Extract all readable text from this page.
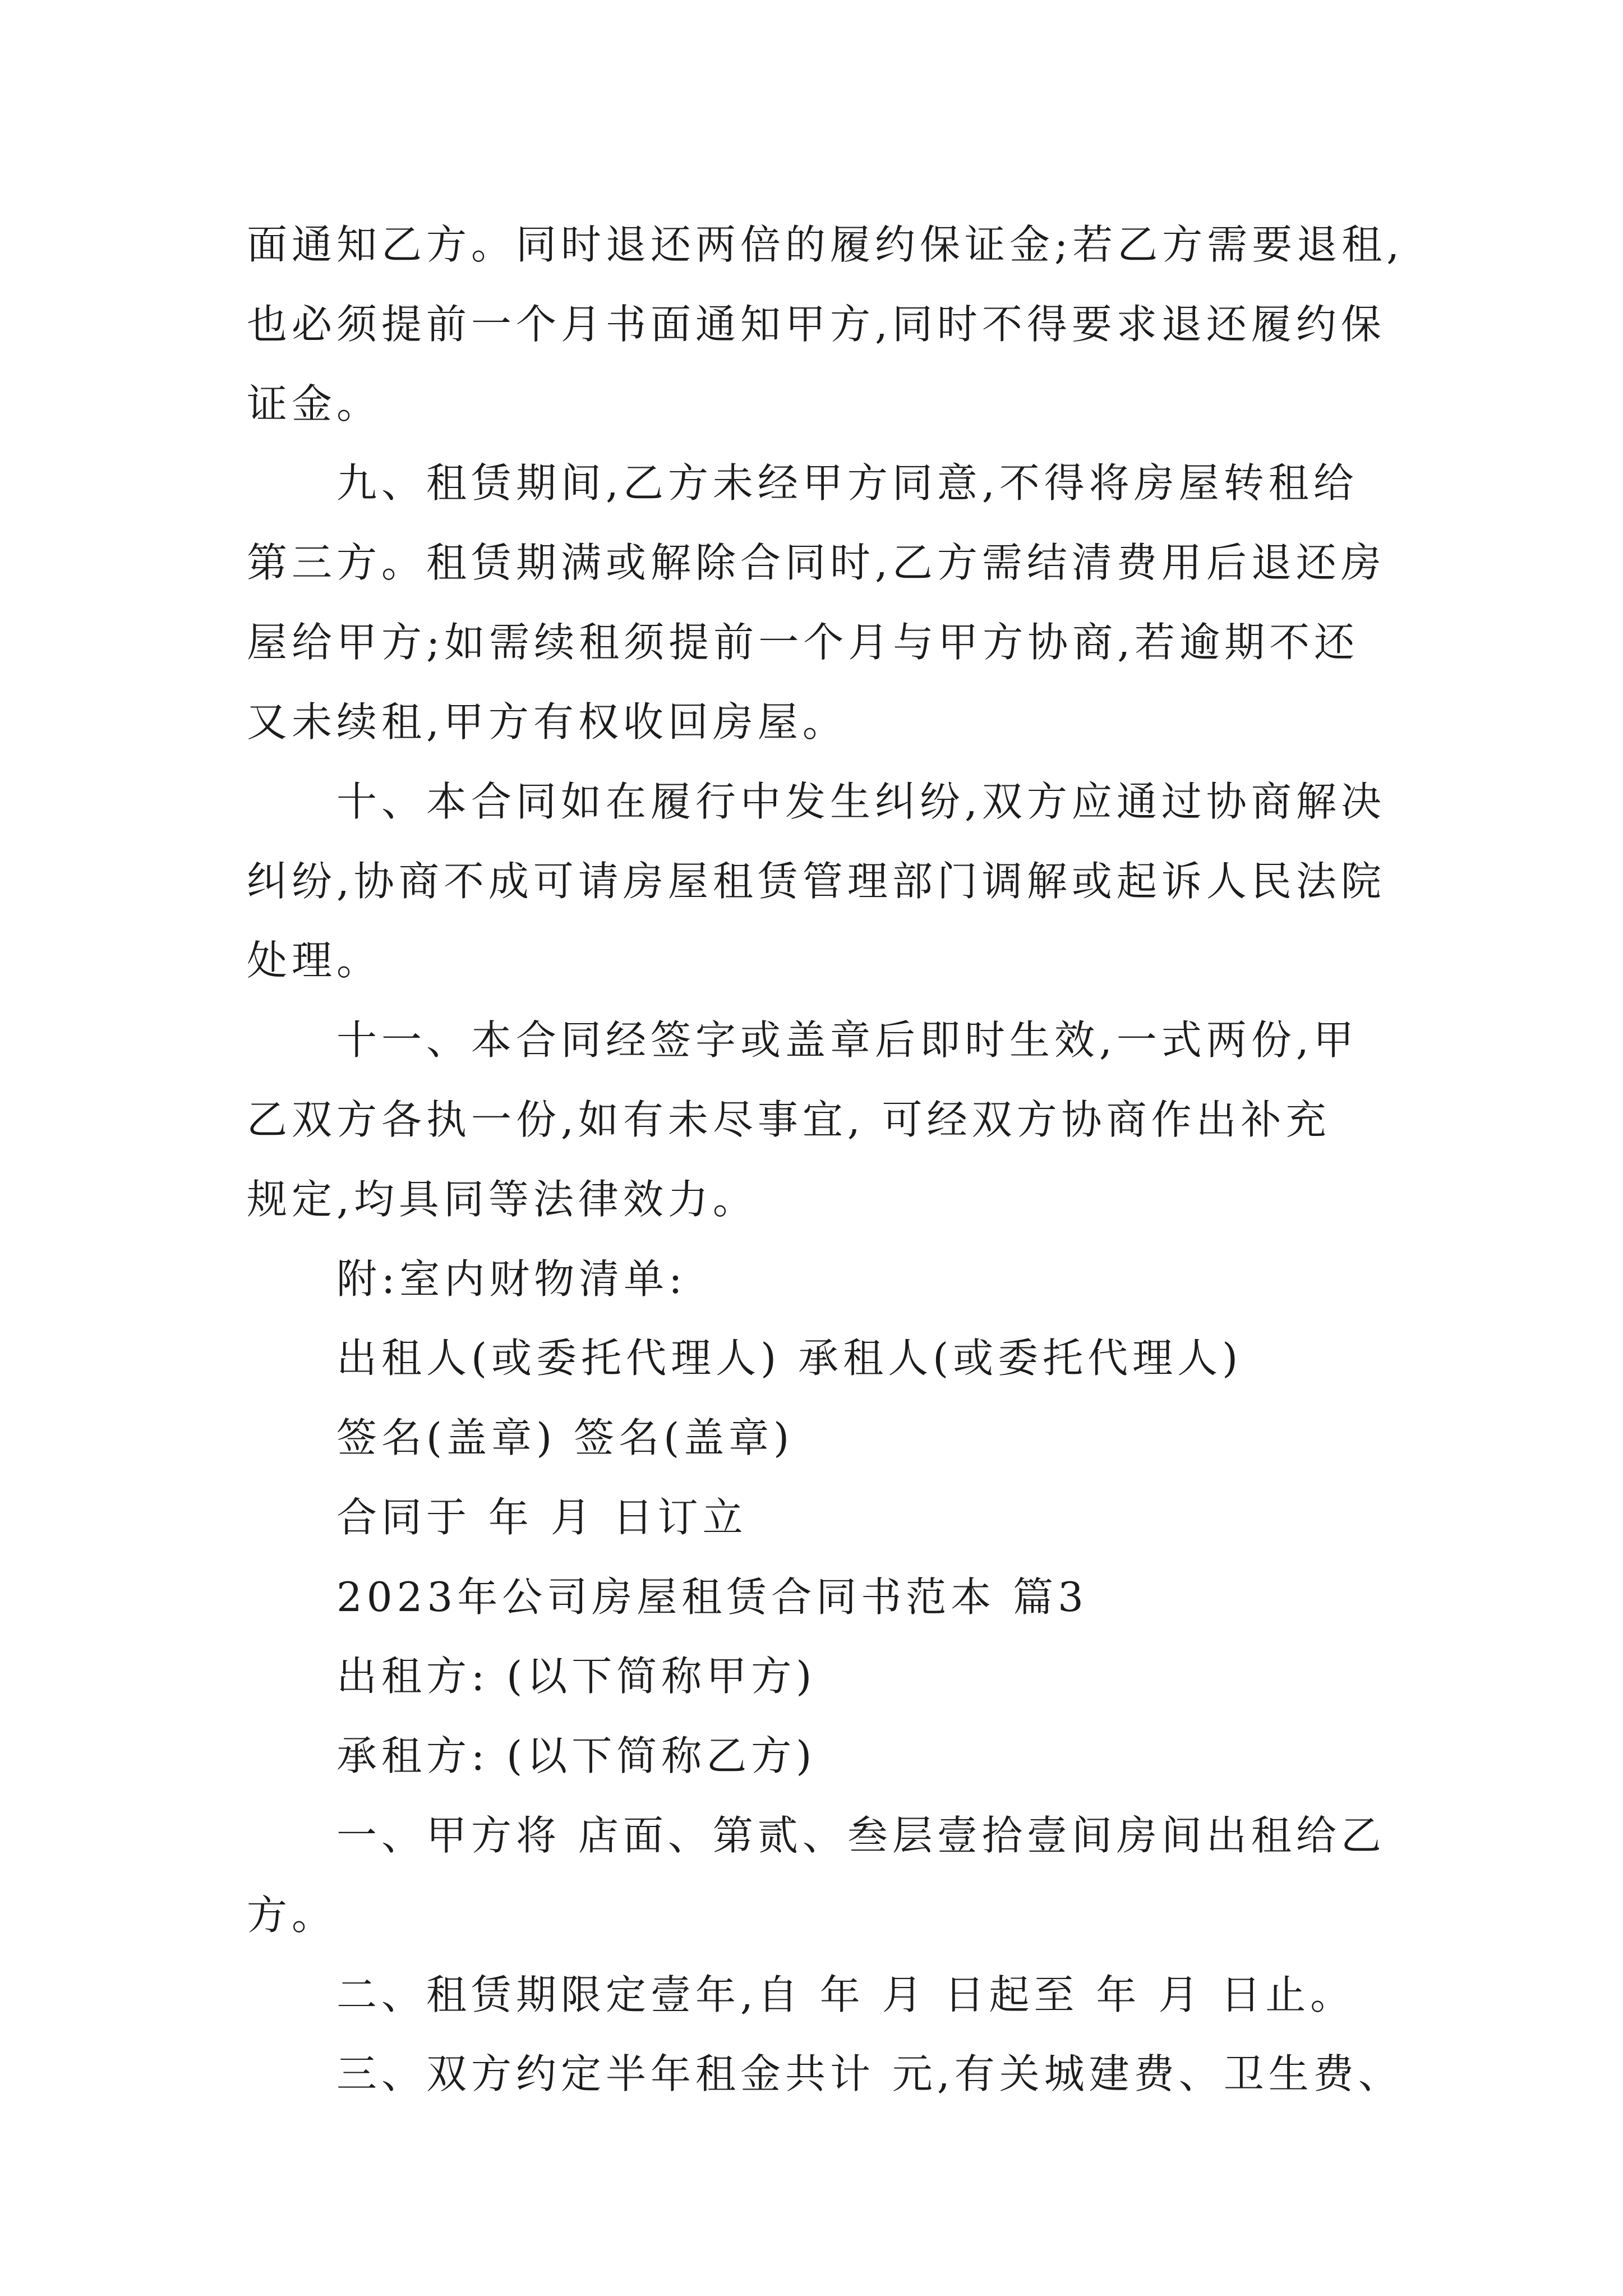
面通知乙方。同时退还两倍的履约保证金;若乙方需要退租,
也必须提前一个月书面通知甲方,同时不得要求退还履约保
证金。
九、租赁期间,乙方未经甲方同意,不得将房屋转租给
第三方。租赁期满或解除合同时,乙方需结清费用后退还房
屋给甲方;如需续租须提前一个月与甲方协商,若逾期不还
又未续租,甲方有权收回房屋。
十、本合同如在履行中发生纠纷,双方应通过协商解决
纠纷,协商不成可请房屋租赁管理部门调解或起诉人民法院
处理。
十一、本合同经签字或盖章后即时生效,一式两份,甲
乙双方各执一份,如有未尽事宜, 可经双方协商作出补充
规定,均具同等法律效力。
附:室内财物清单:
出租人(或委托代理人) 承租人(或委托代理人)
签名(盖章) 签名(盖章)
合同于 年 月 日订立
2023年公司房屋租赁合同书范本 篇3
出租方: (以下简称甲方)
承租方: (以下简称乙方)
一、甲方将 店面、第贰、叁层壹拾壹间房间出租给乙
方。
二、租赁期限定壹年,自 年 月 日起至 年 月 日止。
三、双方约定半年租金共计 元,有关城建费、卫生费、
